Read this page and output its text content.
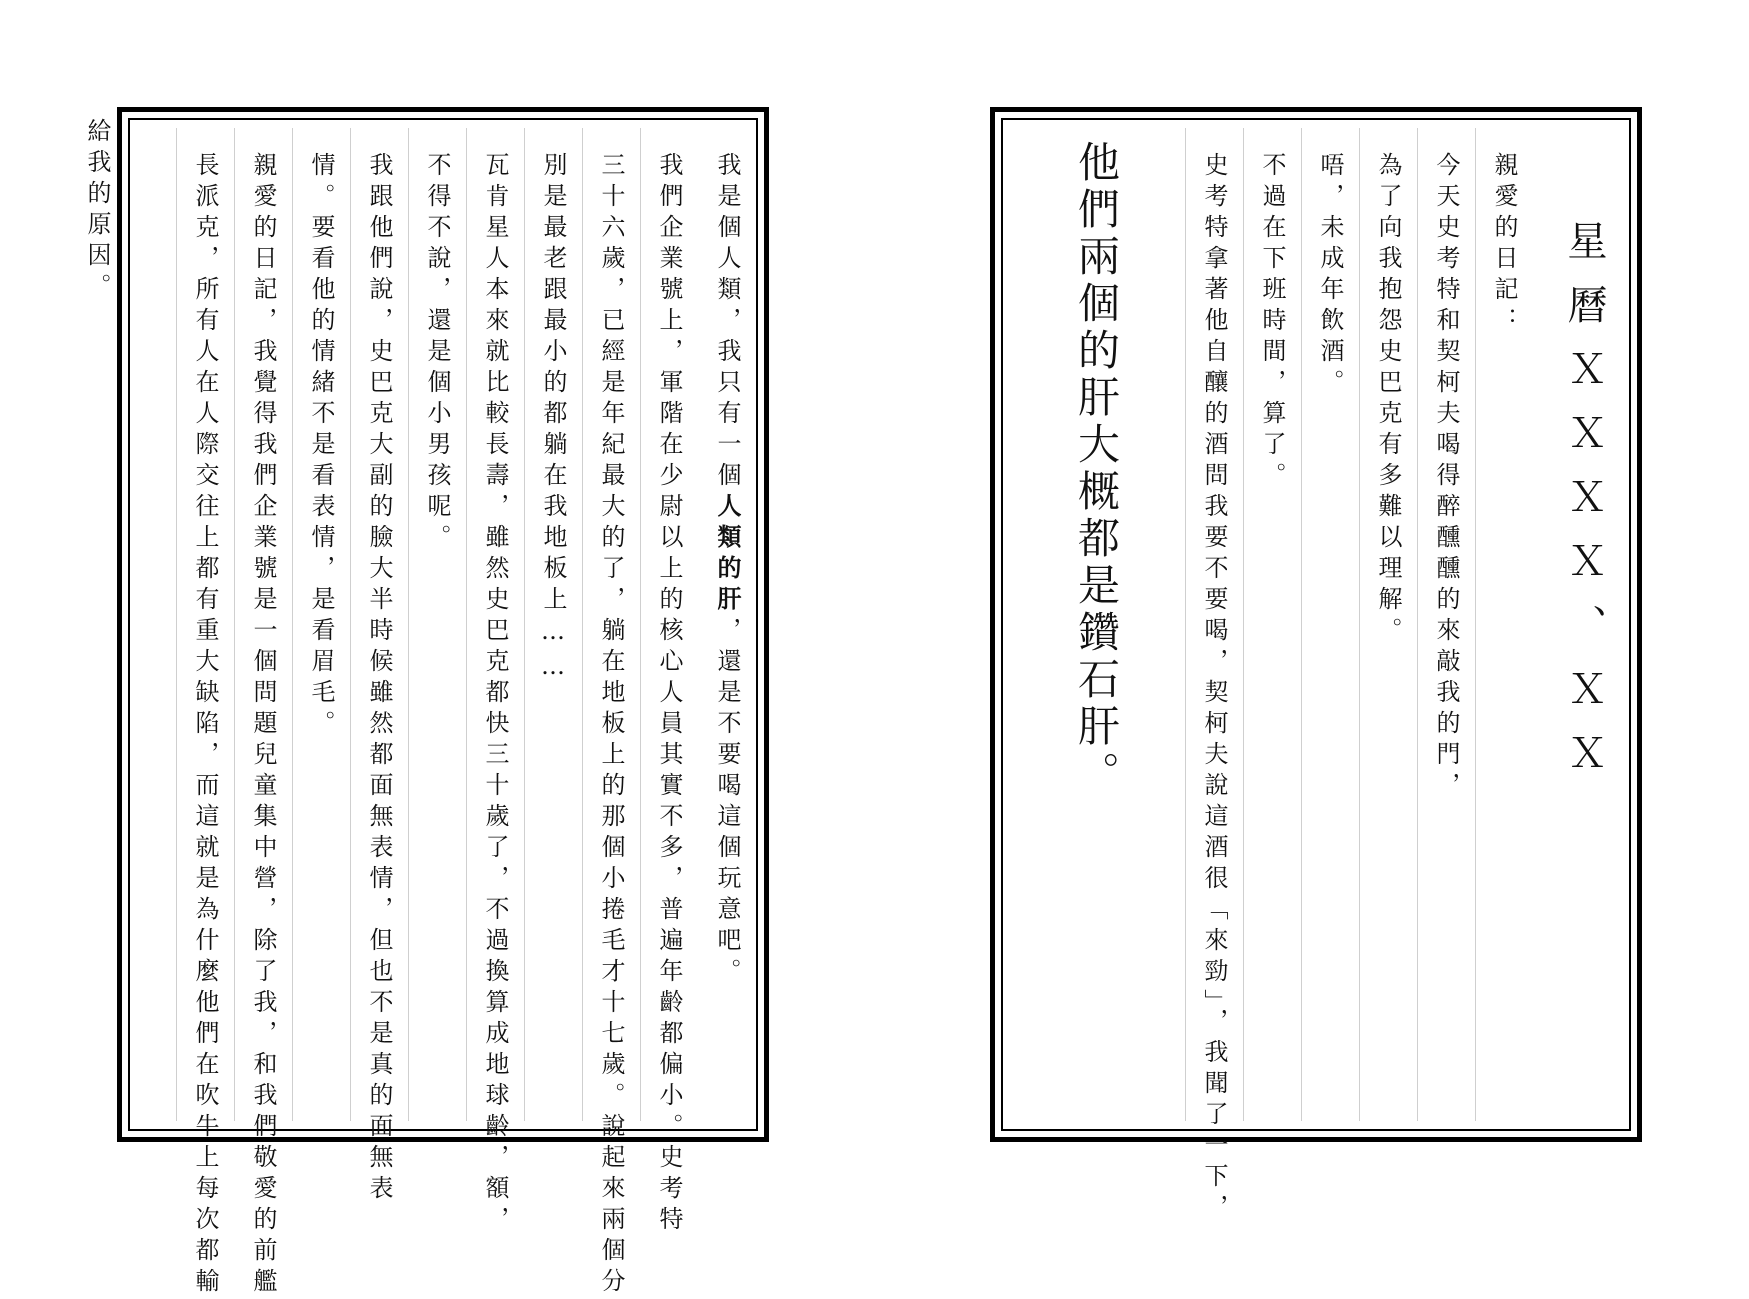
給我的原因。	我是個人類，我只有一個人類的肝，還是不要喝這個玩意吧。
我們企業號上，軍階在少尉以上的核心人員其實不多，普遍年齡都偏小。史考特
三十六歲，已經是年紀最大的了，躺在地板上的那個小捲毛才十七歲。說起來兩個分
別是最老跟最小的都躺在我地板上……
瓦肯星人本來就比較長壽，雖然史巴克都快三十歲了，不過換算成地球齡，額，
不得不說，還是個小男孩呢。
我跟他們說，史巴克大副的臉大半時候雖然都面無表情，但也不是真的面無表
情。要看他的情緒不是看表情，是看眉毛。
親愛的日記，我覺得我們企業號是一個問題兒童集中營，除了我，和我們敬愛的前艦
長派克，所有人在人際交往上都有重大缺陷，而這就是為什麼他們在吹牛上每次都輸	星曆ＸＸＸＸ、ＸＸ
親愛的日記：
今天史考特和契柯夫喝得醉醺醺的來敲我的門，
為了向我抱怨史巴克有多難以理解。
唔，未成年飲酒。
不過在下班時間，算了。
史考特拿著他自釀的酒問我要不要喝，契柯夫說這酒很「來勁」，我聞了一下，
他們兩個的肝大概都是鑽石肝。
